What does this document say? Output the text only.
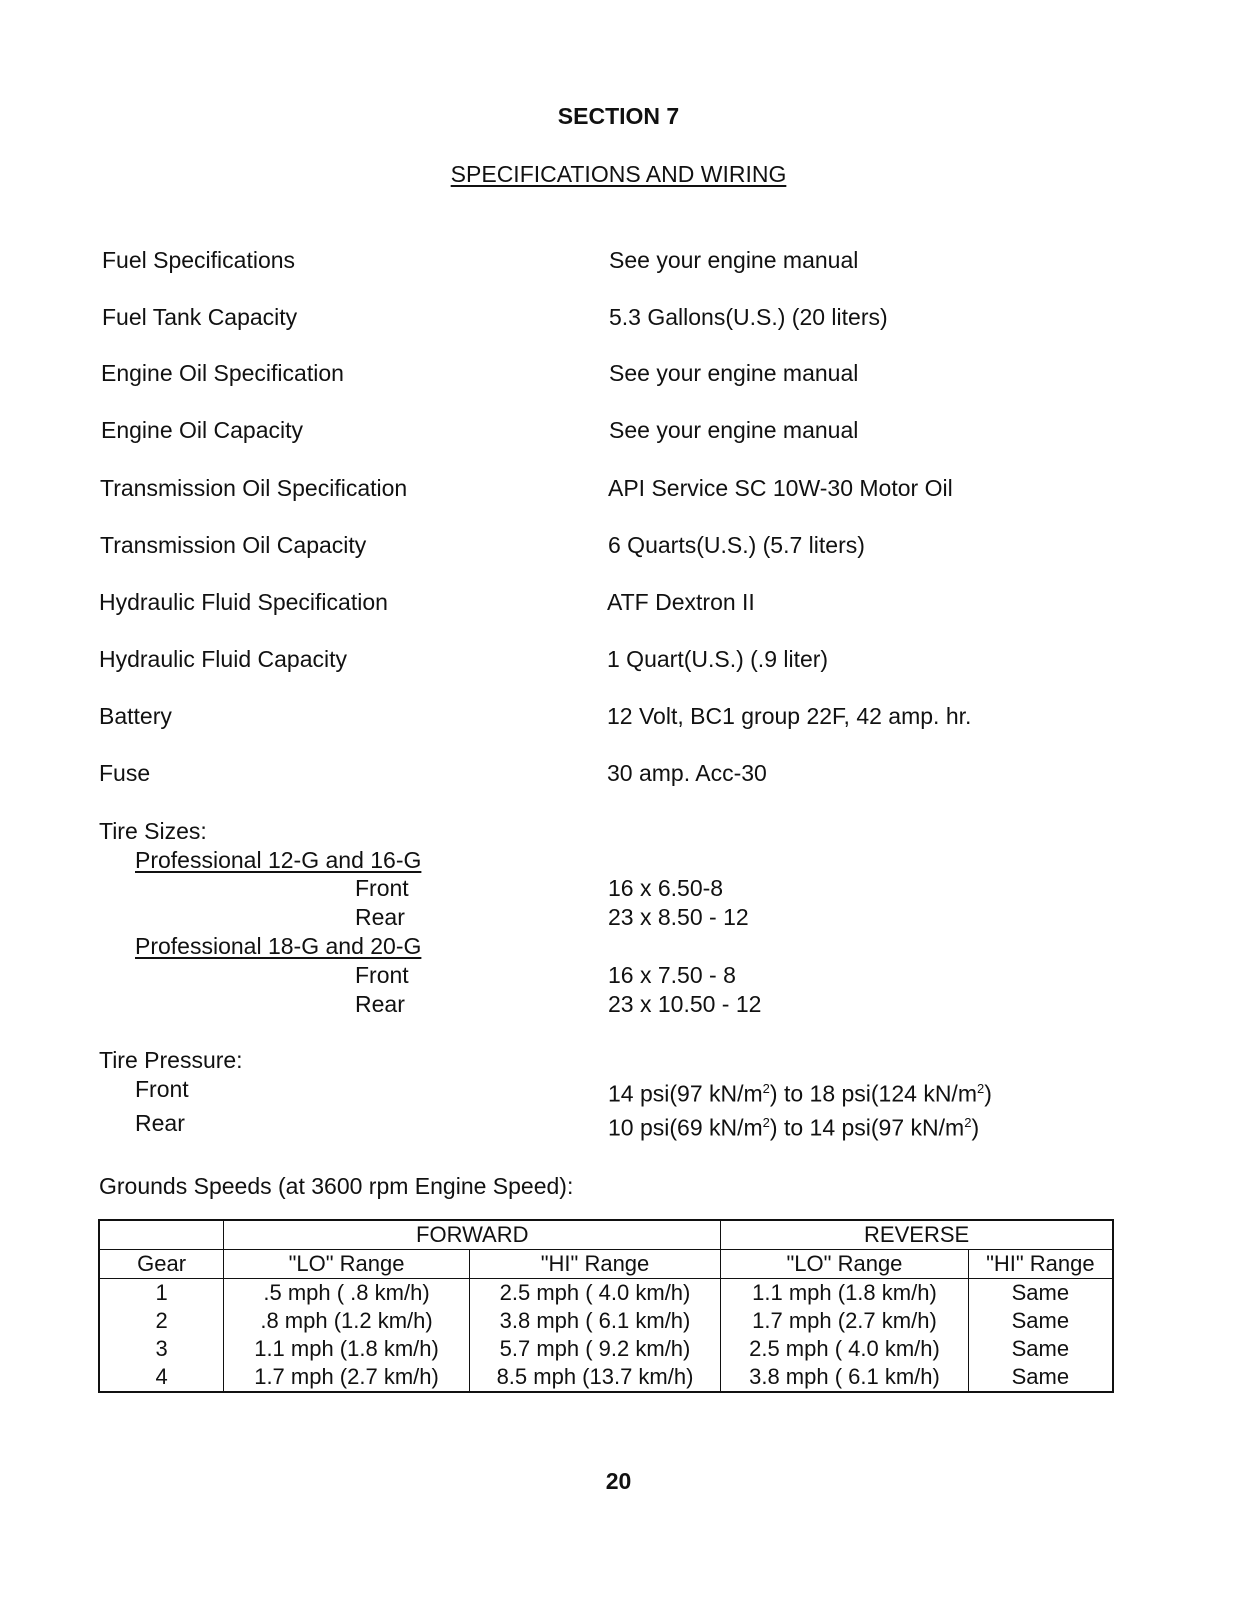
SECTION 7
SPECIFICATIONS AND WIRING
Fuel Specifications	See your engine manual
Fuel Tank Capacity	5.3 Gallons(U.S.) (20 liters)
Engine Oil Specification	See your engine manual
Engine Oil Capacity	See your engine manual
Transmission Oil Specification	API Service SC 10W-30 Motor Oil
Transmission Oil Capacity	6 Quarts(U.S.) (5.7 liters)
Hydraulic Fluid Specification	ATF Dextron II
Hydraulic Fluid Capacity	1 Quart(U.S.) (.9 liter)
Battery	12 Volt, BC1 group 22F, 42 amp. hr.
Fuse	30 amp. Acc-30
Tire Sizes:
Professional 12-G and 16-G
Front	16 x 6.50-8
Rear	23 x 8.50 - 12
Professional 18-G and 20-G
Front	16 x 7.50 - 8
Rear	23 x 10.50 - 12
Tire Pressure:
Front	14 psi(97 $kN/m^2$) to 18 psi(124 $kN/m^2$)
Rear	10 psi(69 $kN/m^2$) to 14 psi(97 $kN/m^2$)
Grounds Speeds (at 3600 rpm Engine Speed):
	FORWARD		REVERSE	
Gear	"LO" Range	"HI" Range	"LO" Range	"HI" Range
1	.5 mph ( .8 km/h)	2.5 mph ( 4.0 km/h)	1.1 mph (1.8 km/h)	Same
2	.8 mph (1.2 km/h)	3.8 mph ( 6.1 km/h)	1.7 mph (2.7 km/h)	Same
3	1.1 mph (1.8 km/h)	5.7 mph ( 9.2 km/h)	2.5 mph ( 4.0 km/h)	Same
4	1.7 mph (2.7 km/h)	8.5 mph (13.7 km/h)	3.8 mph ( 6.1 km/h)	Same
20
